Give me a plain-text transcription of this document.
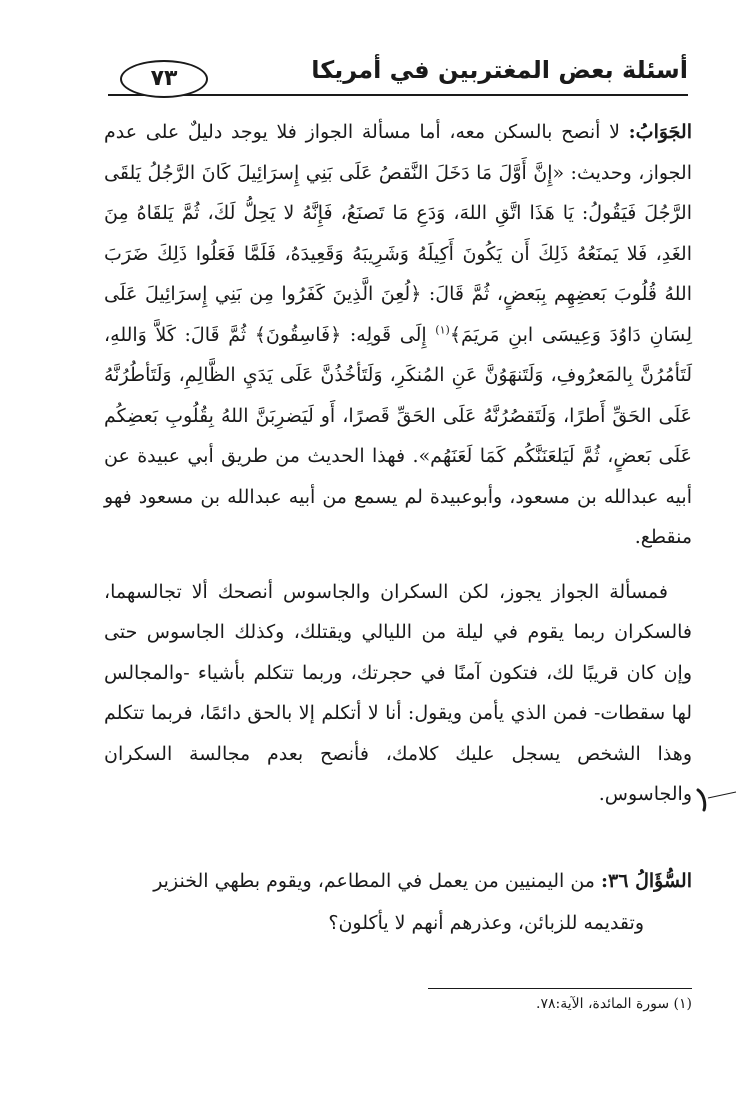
أسئلة بعض المغتربين في أمريكا
٧٣

الجَوَابُ: لا أنصح بالسكن معه، أما مسألة الجواز فلا يوجد دليلٌ على عدم الجواز، وحديث: «إِنَّ أَوَّلَ مَا دَخَلَ النَّقصُ عَلَى بَنِي إِسرَائِيلَ كَانَ الرَّجُلُ يَلقَى الرَّجُلَ فَيَقُولُ: يَا هَذَا اتَّقِ اللهَ، وَدَعِ مَا تَصنَعُ، فَإِنَّهُ لا يَحِلُّ لَكَ، ثُمَّ يَلقَاهُ مِنَ الغَدِ، فَلا يَمنَعُهُ ذَلِكَ أَن يَكُونَ أَكِيلَهُ وَشَرِيبَهُ وَقَعِيدَهُ، فَلَمَّا فَعَلُوا ذَلِكَ ضَرَبَ اللهُ قُلُوبَ بَعضِهِم بِبَعضٍ، ثُمَّ قَالَ: ﴿لُعِنَ الَّذِينَ كَفَرُوا مِن بَنِي إِسرَائِيلَ عَلَى لِسَانِ دَاوُدَ وَعِيسَى ابنِ مَريَمَ﴾$^{(١)}$ إِلَى قَولِه: ﴿فَاسِقُونَ﴾ ثُمَّ قَالَ: كَلاَّ وَاللهِ، لَتَأمُرُنَّ بِالمَعرُوفِ، وَلَتَنهَوُنَّ عَنِ المُنكَرِ، وَلَتَأخُذُنَّ عَلَى يَدَيِ الظَّالِمِ، وَلَتَأطُرُنَّهُ عَلَى الحَقِّ أَطرًا، وَلَتَقصُرُنَّهُ عَلَى الحَقِّ قَصرًا، أَو لَيَضرِبَنَّ اللهُ بِقُلُوبِ بَعضِكُم عَلَى بَعضٍ، ثُمَّ لَيَلعَنَنَّكُم كَمَا لَعَنَهُم». فهذا الحديث من طريق أبي عبيدة عن أبيه عبدالله بن مسعود، وأبوعبيدة لم يسمع من أبيه عبدالله بن مسعود فهو منقطع.

فمسألة الجواز يجوز، لكن السكران والجاسوس أنصحك ألا تجالسهما، فالسكران ربما يقوم في ليلة من الليالي ويقتلك، وكذلك الجاسوس حتى وإن كان قريبًا لك، فتكون آمنًا في حجرتك، وربما تتكلم بأشياء -والمجالس لها سقطات- فمن الذي يأمن ويقول: أنا لا أتكلم إلا بالحق دائمًا، فربما تتكلم وهذا الشخص يسجل عليك كلامك، فأنصح بعدم مجالسة السكران والجاسوس.

السُّؤَالُ ٣٦: من اليمنيين من يعمل في المطاعم، ويقوم بطهي الخنزير

وتقديمه للزبائن، وعذرهم أنهم لا يأكلون؟

(١) سورة المائدة، الآية:٧٨.
